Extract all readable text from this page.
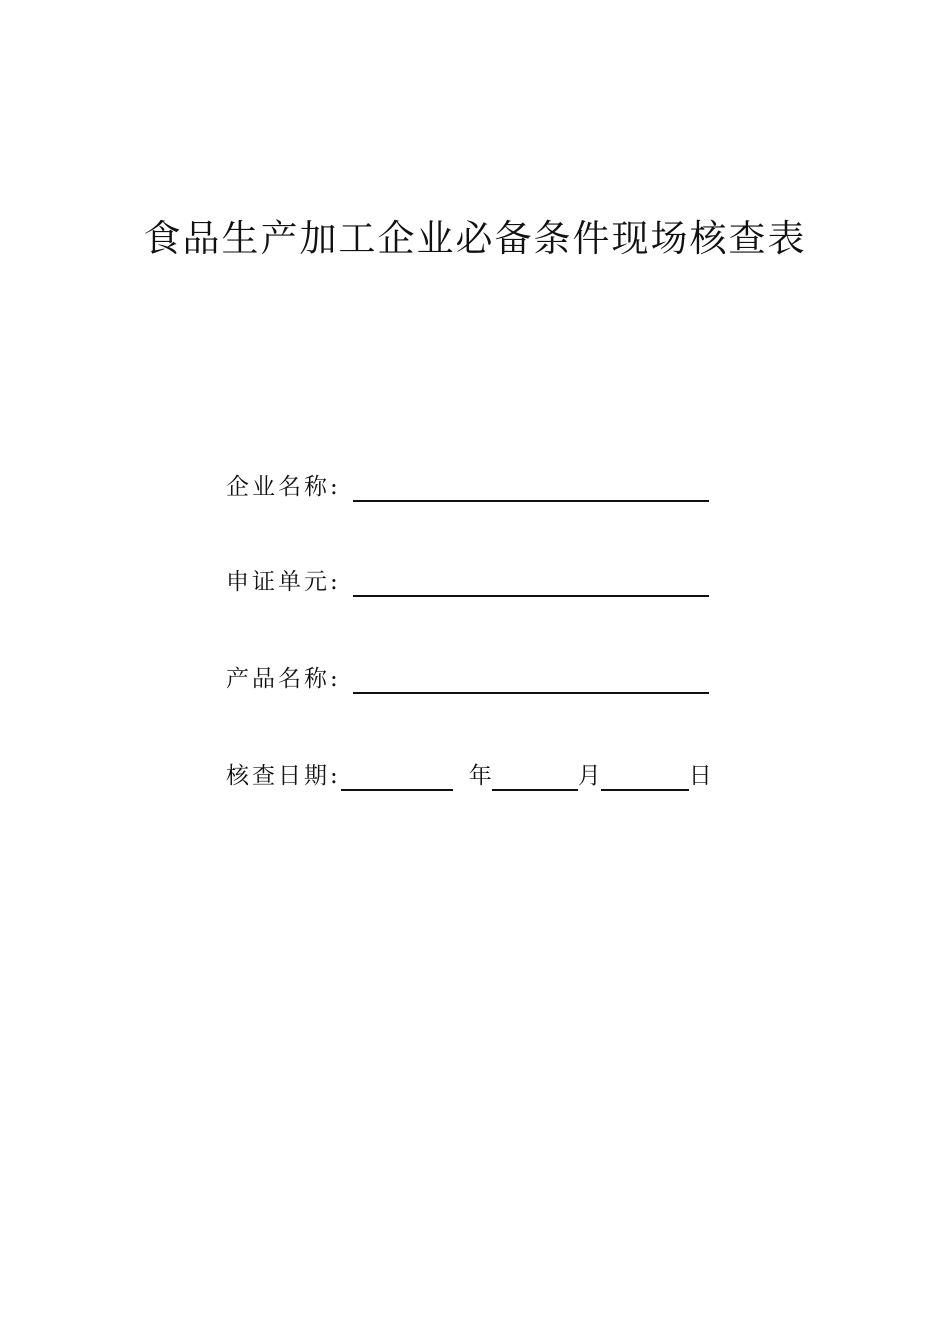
食品生产加工企业必备条件现场核查表
企业名称:
申证单元:
产品名称:
核查日期:	年	月	日
